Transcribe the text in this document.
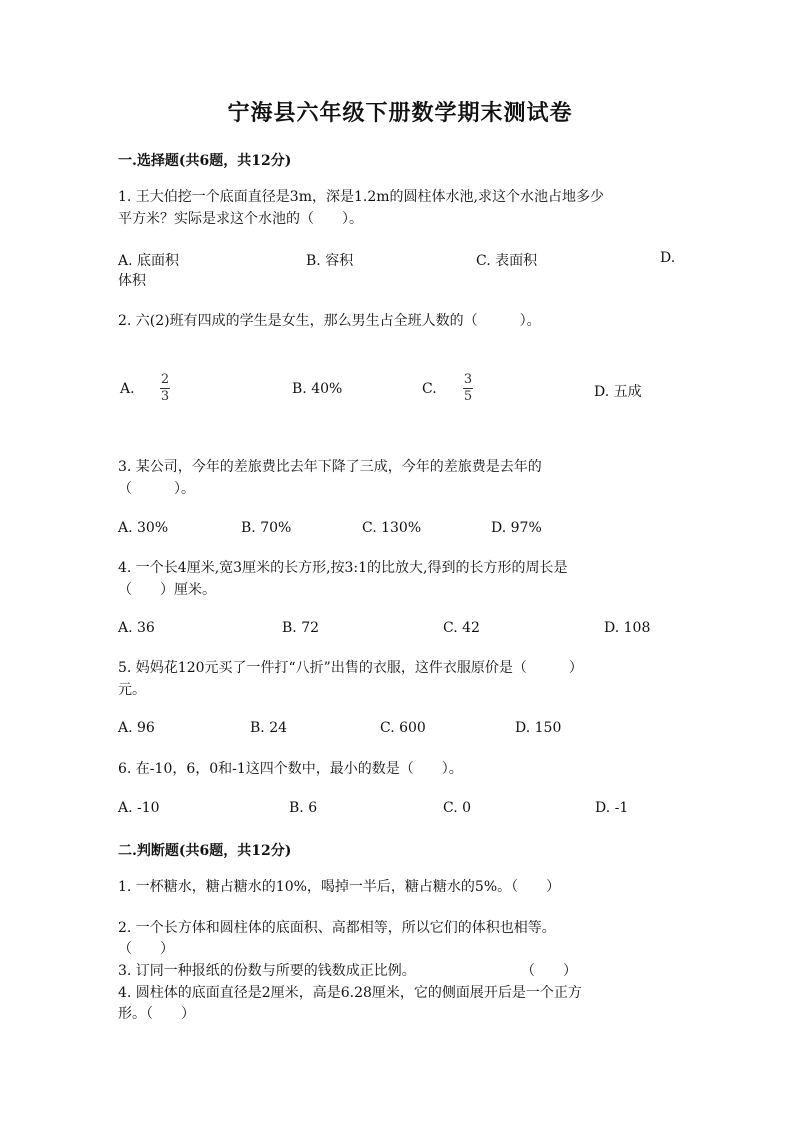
宁海县六年级下册数学期末测试卷
一.选择题(共6题，共12分)
1. 王大伯挖一个底面直径是3m，深是1.2m的圆柱体水池,求这个水池占地多少
平方米？实际是求这个水池的（　　）。
A. 底面积	B. 容积	C. 表面积	D.
体积
2. 六(2)班有四成的学生是女生，那么男生占全班人数的（　　　）。
A.
2
3	B. 40%	C.
3
5	D. 五成
3. 某公司，今年的差旅费比去年下降了三成，今年的差旅费是去年的
（　　　）。
A. 30%	B. 70%	C. 130%	D. 97%
4. 一个长4厘米,宽3厘米的长方形,按3:1的比放大,得到的长方形的周长是
（　　）厘米。
A. 36	B. 72	C. 42	D. 108
5. 妈妈花120元买了一件打“八折”出售的衣服，这件衣服原价是（　　　）
元。
A. 96	B. 24	C. 600	D. 150
6. 在-10，6，0和-1这四个数中，最小的数是（　　）。
A. -10	B. 6	C. 0	D. -1
二.判断题(共6题，共12分)
1. 一杯糖水，糖占糖水的10%，喝掉一半后，糖占糖水的5%。（　　）
2. 一个长方体和圆柱体的底面积、高都相等，所以它们的体积也相等。
（　　）
3. 订同一种报纸的份数与所要的钱数成正比例。	（　　）
4. 圆柱体的底面直径是2厘米，高是6.28厘米，它的侧面展开后是一个正方
形。（　　）
